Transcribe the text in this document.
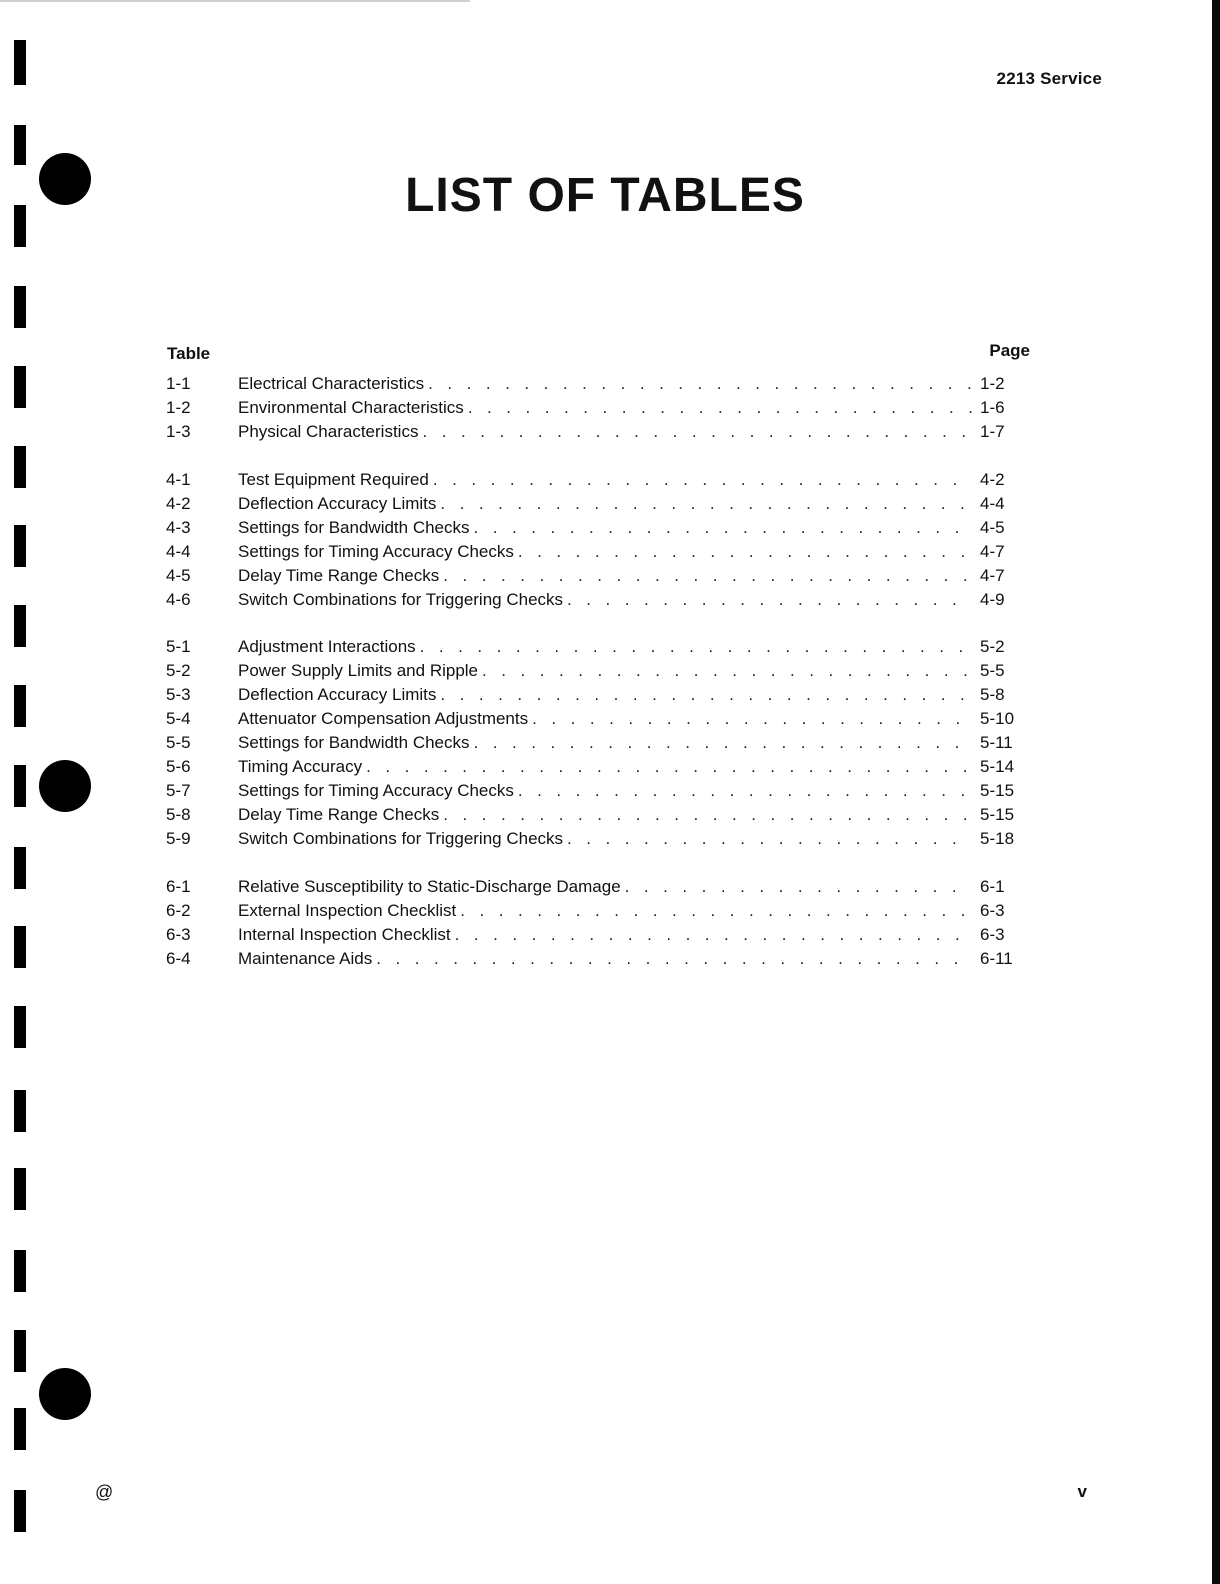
2213 Service
LIST OF TABLES
Table	Page
1-1	Electrical Characteristics . . .	1-2
1-2	Environmental Characteristics . . .	1-6
1-3	Physical Characteristics . . .	1-7
4-1	Test Equipment Required . . .	4-2
4-2	Deflection Accuracy Limits . . .	4-4
4-3	Settings for Bandwidth Checks . . .	4-5
4-4	Settings for Timing Accuracy Checks . . .	4-7
4-5	Delay Time Range Checks . . .	4-7
4-6	Switch Combinations for Triggering Checks . . .	4-9
5-1	Adjustment Interactions . . .	5-2
5-2	Power Supply Limits and Ripple . . .	5-5
5-3	Deflection Accuracy Limits . . .	5-8
5-4	Attenuator Compensation Adjustments . . .	5-10
5-5	Settings for Bandwidth Checks . . .	5-11
5-6	Timing Accuracy . . .	5-14
5-7	Settings for Timing Accuracy Checks . . .	5-15
5-8	Delay Time Range Checks . . .	5-15
5-9	Switch Combinations for Triggering Checks . . .	5-18
6-1	Relative Susceptibility to Static-Discharge Damage . . .	6-1
6-2	External Inspection Checklist . . .	6-3
6-3	Internal Inspection Checklist . . .	6-3
6-4	Maintenance Aids . . .	6-11
@	v
